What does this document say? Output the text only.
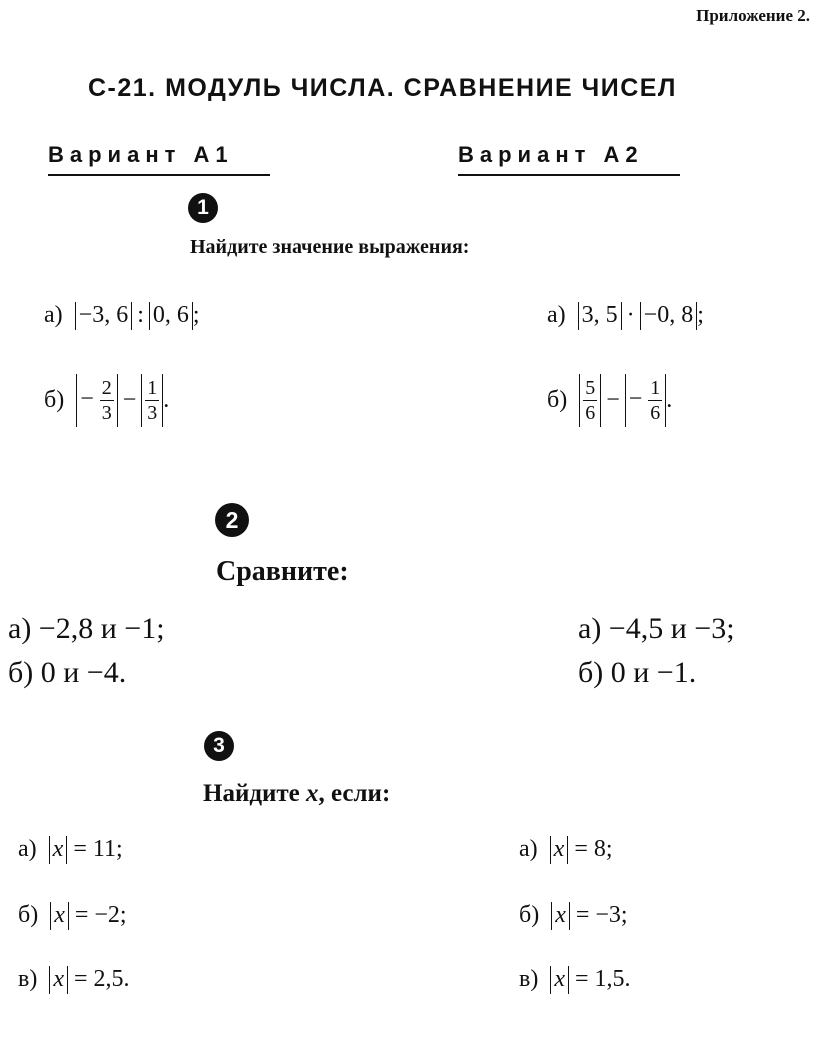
Приложение 2.
С-21. МОДУЛЬ ЧИСЛА. СРАВНЕНИЕ ЧИСЕЛ
Вариант А1	Вариант А2
1
Найдите значение выражения:
а) −3, 6 : 0, 6 ;
$б) - \frac{2}{3} - \frac{1}{3}$ .
а) 3, 5 · −0, 8 ;
$б) \frac{5}{6}$ − − $\frac{1}{6}$ .
2
Сравните:
а) −2,8 и −1;
б) 0 и −4.
а) −4,5 и −3;
б) 0 и −1.
3
Найдите x, если:
а) x = 11;
б) x = −2;
в) x = 2,5.
а) x = 8;
б) x = −3;
в) x = 1,5.
